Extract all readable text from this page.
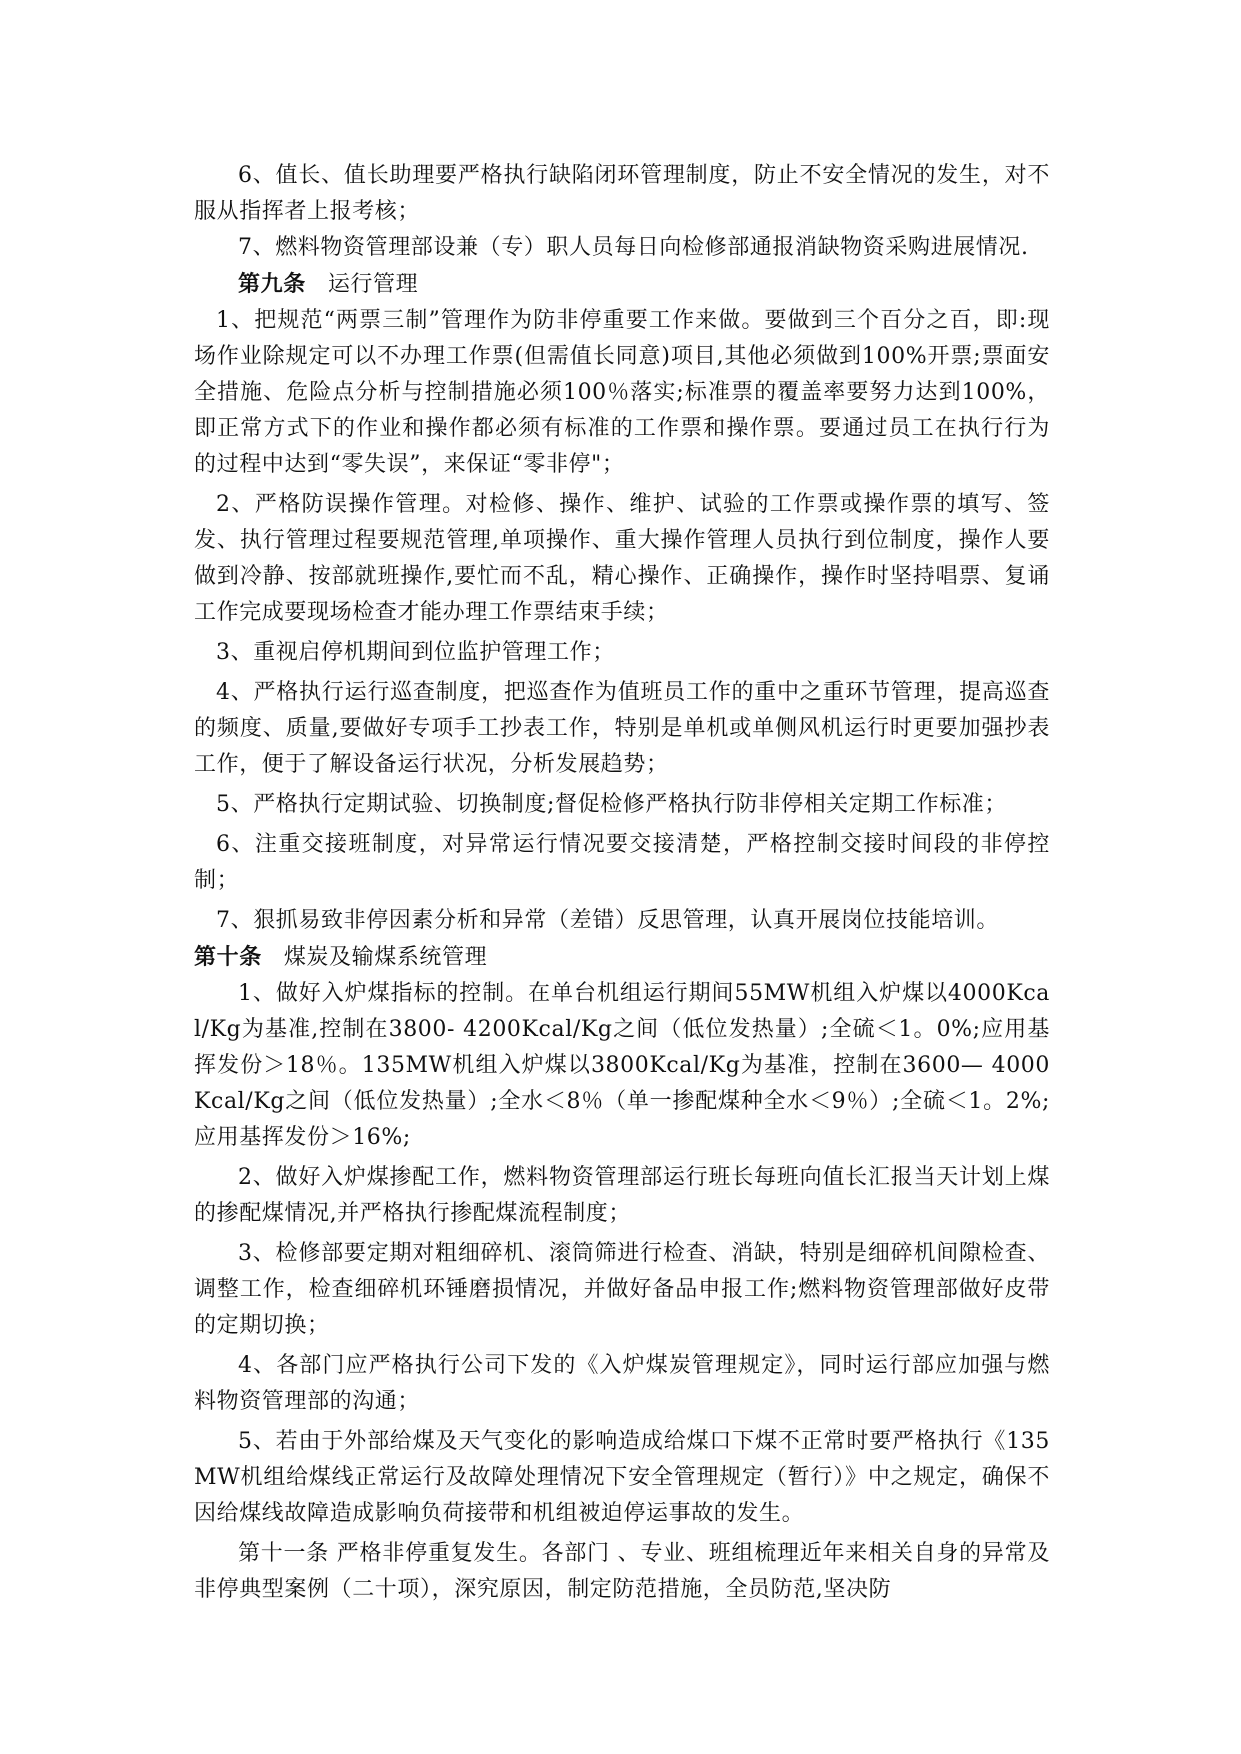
6、值长、值长助理要严格执行缺陷闭环管理制度，防止不安全情况的发生，对不服从指挥者上报考核；

7、燃料物资管理部设兼（专）职人员每日向检修部通报消缺物资采购进展情况.

第九条 运行管理

1、把规范“两票三制”管理作为防非停重要工作来做。要做到三个百分之百，即:现场作业除规定可以不办理工作票(但需值长同意)项目,其他必须做到100%开票;票面安全措施、危险点分析与控制措施必须100％落实;标准票的覆盖率要努力达到100%，即正常方式下的作业和操作都必须有标准的工作票和操作票。要通过员工在执行行为的过程中达到“零失误”，来保证“零非停"；

2、严格防误操作管理。对检修、操作、维护、试验的工作票或操作票的填写、签发、执行管理过程要规范管理,单项操作、重大操作管理人员执行到位制度，操作人要做到冷静、按部就班操作,要忙而不乱，精心操作、正确操作，操作时坚持唱票、复诵工作完成要现场检查才能办理工作票结束手续；

3、重视启停机期间到位监护管理工作；

4、严格执行运行巡查制度，把巡查作为值班员工作的重中之重环节管理，提高巡查的频度、质量,要做好专项手工抄表工作，特别是单机或单侧风机运行时更要加强抄表工作，便于了解设备运行状况，分析发展趋势；

5、严格执行定期试验、切换制度;督促检修严格执行防非停相关定期工作标准；

6、注重交接班制度，对异常运行情况要交接清楚，严格控制交接时间段的非停控制；

7、狠抓易致非停因素分析和异常（差错）反思管理，认真开展岗位技能培训。

第十条 煤炭及输煤系统管理

1、做好入炉煤指标的控制。在单台机组运行期间55MW机组入炉煤以4000Kcal/Kg为基准,控制在3800- 4200Kcal/Kg之间（低位发热量）;全硫＜1。0%;应用基挥发份＞18％。135MW机组入炉煤以3800Kcal/Kg为基准，控制在3600— 4000Kcal/Kg之间（低位发热量）;全水＜8％（单一掺配煤种全水＜9％）;全硫＜1。2%;应用基挥发份＞16%;

2、做好入炉煤掺配工作，燃料物资管理部运行班长每班向值长汇报当天计划上煤的掺配煤情况,并严格执行掺配煤流程制度；

3、检修部要定期对粗细碎机、滚筒筛进行检查、消缺，特别是细碎机间隙检查、调整工作，检查细碎机环锤磨损情况，并做好备品申报工作;燃料物资管理部做好皮带的定期切换；

4、各部门应严格执行公司下发的《入炉煤炭管理规定》，同时运行部应加强与燃料物资管理部的沟通；

5、若由于外部给煤及天气变化的影响造成给煤口下煤不正常时要严格执行《135MW机组给煤线正常运行及故障处理情况下安全管理规定（暂行）》中之规定，确保不因给煤线故障造成影响负荷接带和机组被迫停运事故的发生。

第十一条 严格非停重复发生。各部门 、专业、班组梳理近年来相关自身的异常及非停典型案例（二十项），深究原因，制定防范措施，全员防范,坚决防
